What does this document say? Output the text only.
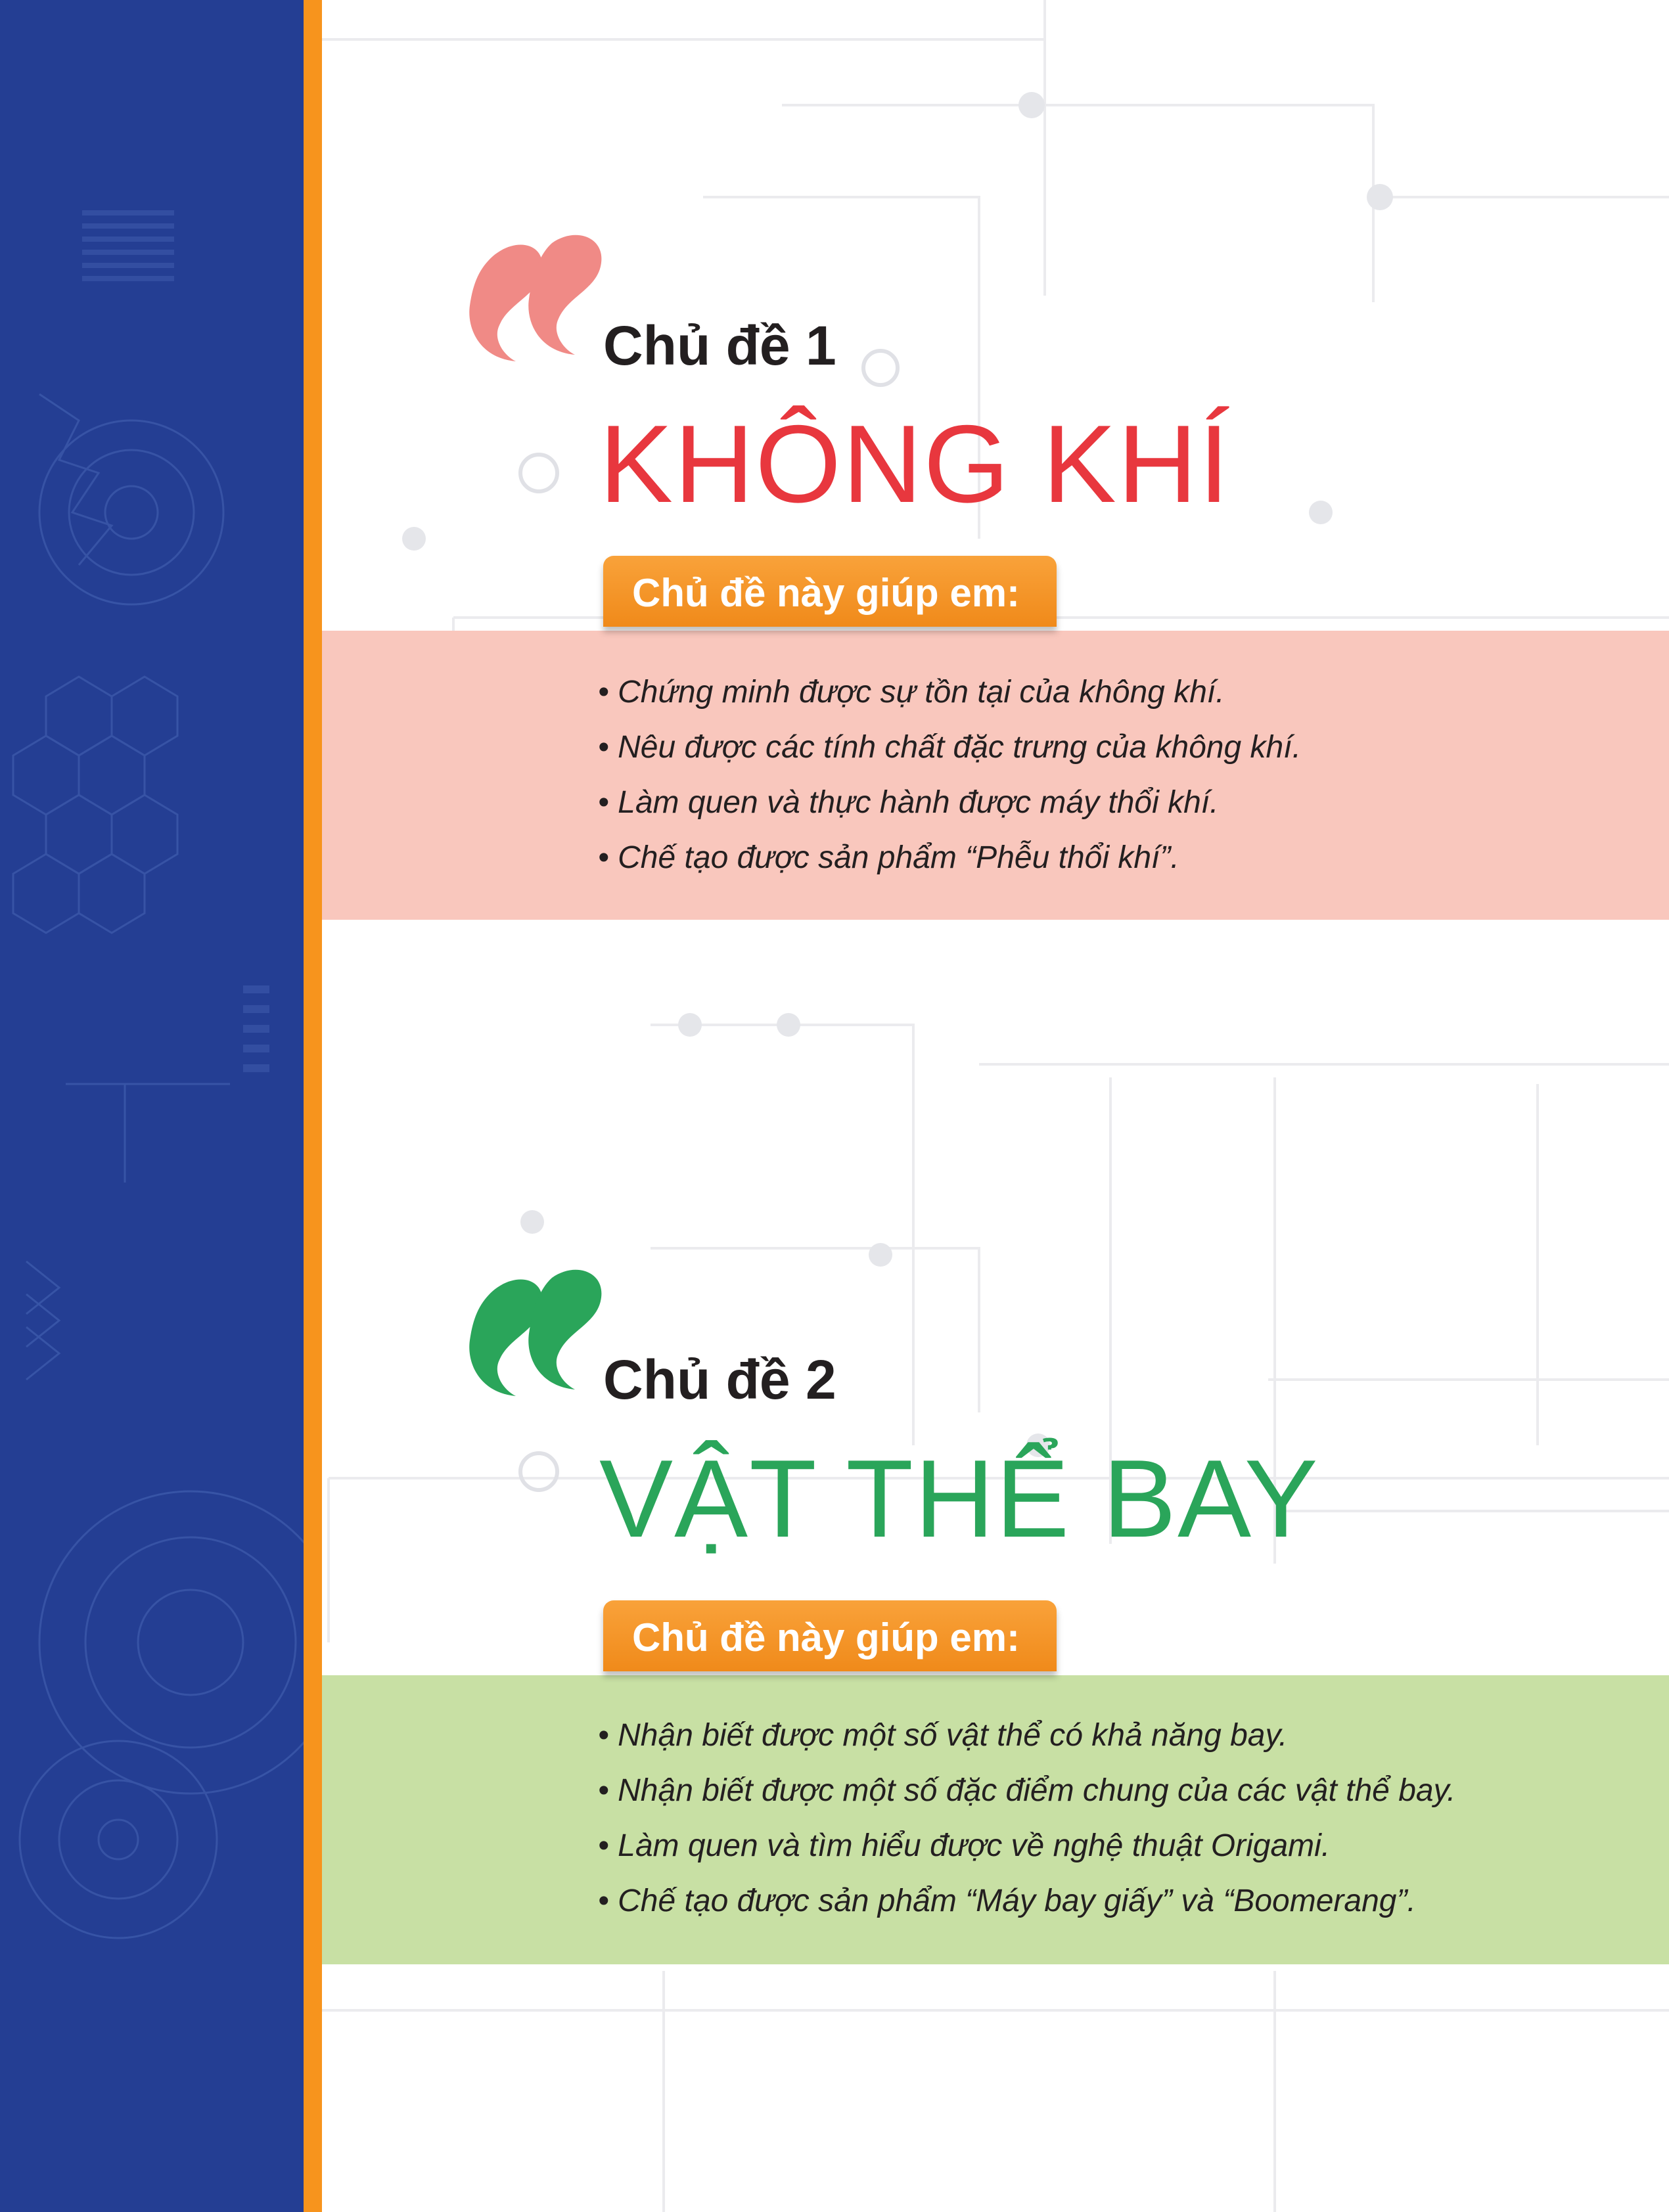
Chủ đề 1
KHÔNG KHÍ
• Chứng minh được sự tồn tại của không khí.
• Nêu được các tính chất đặc trưng của không khí.
• Làm quen và thực hành được máy thổi khí.
• Chế tạo được sản phẩm “Phễu thổi khí”.
Chủ đề này giúp em:
Chủ đề 2
VẬT THỂ BAY
• Nhận biết được một số vật thể có khả năng bay.
• Nhận biết được một số đặc điểm chung của các vật thể bay.
• Làm quen và tìm hiểu được về nghệ thuật Origami.
• Chế tạo được sản phẩm “Máy bay giấy” và “Boomerang”.
Chủ đề này giúp em:
